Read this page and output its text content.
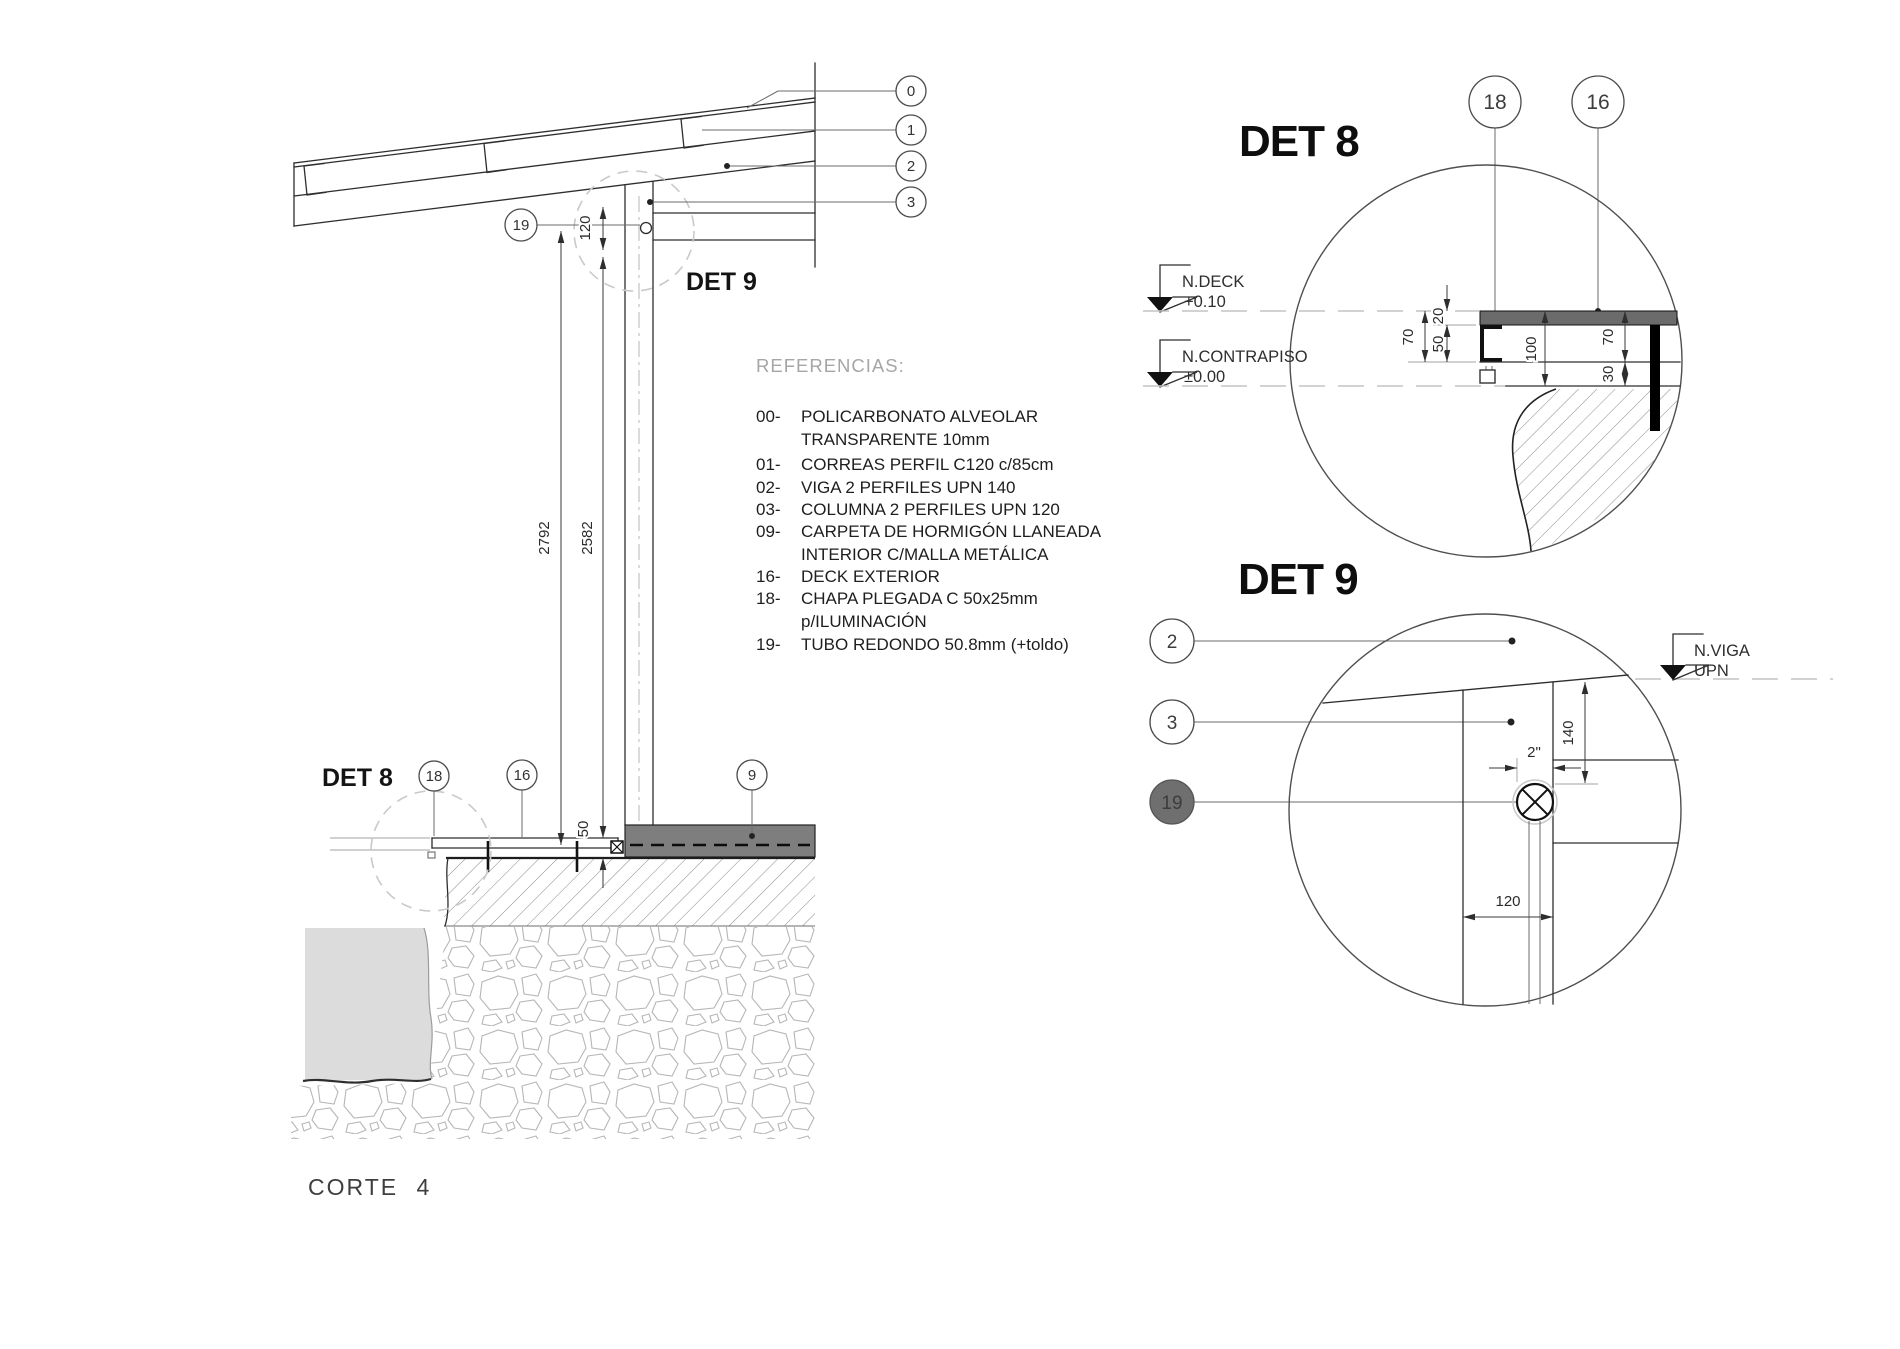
DET 9
DET 8
0
1
2
3
19
18	16	9
120
2792 2582
50
CORTE 4
REFERENCIAS:
00- POLICARBONATO ALVEOLAR
TRANSPARENTE 10mm
01- CORREAS PERFIL C120 c/85cm
02- VIGA 2 PERFILES UPN 140
03- COLUMNA 2 PERFILES UPN 120
09- CARPETA DE HORMIGÓN LLANEADA
INTERIOR C/MALLA METÁLICA
16- DECK EXTERIOR
18- CHAPA PLEGADA C 50x25mm
p/ILUMINACIÓN
19- TUBO REDONDO 50.8mm (+toldo)
DET 8
18	16
N.DECK
+0.10
N.CONTRAPISO
±0.00
70
20
50	100	70
30
DET 9
2
3
19
N.VIGA
UPN
2"
140
120
